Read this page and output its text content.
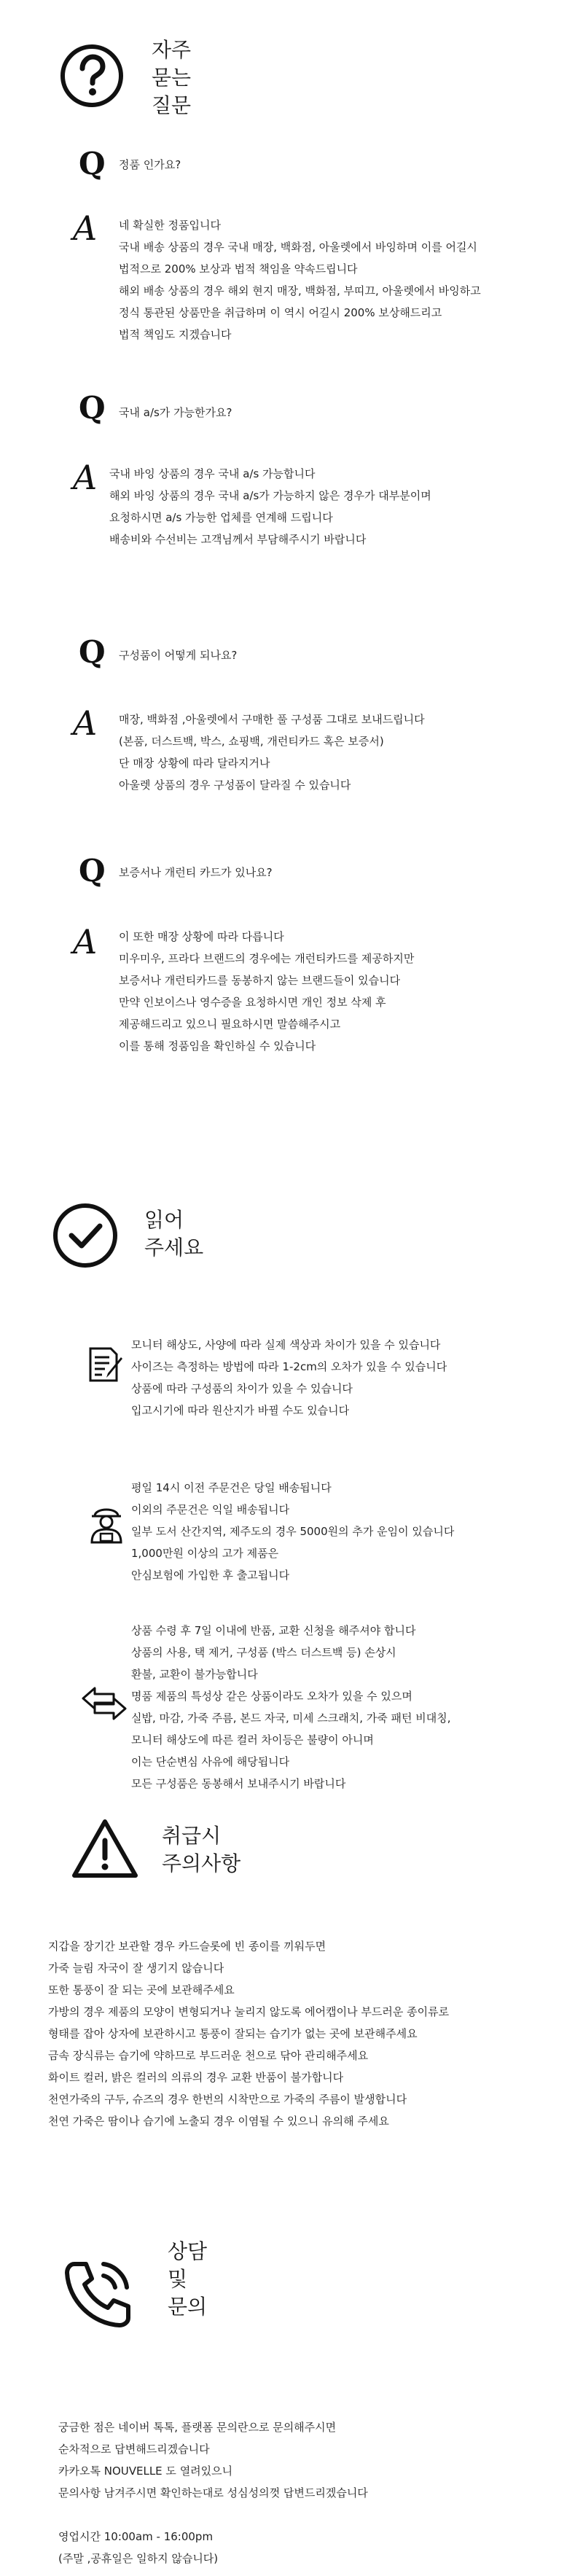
자주
묻는
질문
Q 정품 인가요?
A 네 확실한 정품입니다
국내 배송 상품의 경우 국내 매장, 백화점, 아울렛에서 바잉하며 이를 어길시
법적으로 200% 보상과 법적 책임을 약속드립니다
해외 배송 상품의 경우 해외 현지 매장, 백화점, 부띠끄, 아울렛에서 바잉하고
정식 통관된 상품만을 취급하며 이 역시 어길시 200% 보상해드리고
법적 책임도 지겠습니다
Q 국내 a/s가 가능한가요?
A 국내 바잉 상품의 경우 국내 a/s 가능합니다
해외 바잉 상품의 경우 국내 a/s가 가능하지 않은 경우가 대부분이며
요청하시면 a/s 가능한 업체를 연계해 드립니다
배송비와 수선비는 고객님께서 부담해주시기 바랍니다
Q 구성품이 어떻게 되나요?
A 매장, 백화점 ,아울렛에서 구매한 풀 구성품 그대로 보내드립니다
(본품, 더스트백, 박스, 쇼핑백, 개런티카드 혹은 보증서)
단 매장 상황에 따라 달라지거나
아울렛 상품의 경우 구성품이 달라질 수 있습니다
Q 보증서나 개런티 카드가 있나요?
A 이 또한 매장 상황에 따라 다릅니다
미우미우, 프라다 브랜드의 경우에는 개런티카드를 제공하지만
보증서나 개런티카드를 동봉하지 않는 브랜드들이 있습니다
만약 인보이스나 영수증을 요청하시면 개인 정보 삭제 후
제공해드리고 있으니 필요하시면 말씀해주시고
이를 통해 정품임을 확인하실 수 있습니다
읽어
주세요
모니터 해상도, 사양에 따라 실제 색상과 차이가 있을 수 있습니다
사이즈는 측정하는 방법에 따라 1-2cm의 오차가 있을 수 있습니다
상품에 따라 구성품의 차이가 있을 수 있습니다
입고시기에 따라 원산지가 바뀔 수도 있습니다
평일 14시 이전 주문건은 당일 배송됩니다
이외의 주문건은 익일 배송됩니다
일부 도서 산간지역, 제주도의 경우 5000원의 추가 운임이 있습니다
1,000만원 이상의 고가 제품은
안심보험에 가입한 후 출고됩니다
상품 수령 후 7일 이내에 반품, 교환 신청을 해주셔야 합니다
상품의 사용, 택 제거, 구성품 (박스 더스트백 등) 손상시
환불, 교환이 불가능합니다
명품 제품의 특성상 같은 상품이라도 오차가 있을 수 있으며
실밥, 마감, 가죽 주름, 본드 자국, 미세 스크래치, 가죽 패턴 비대칭,
모니터 해상도에 따른 컬러 차이등은 불량이 아니며
이는 단순변심 사유에 해당됩니다
모든 구성품은 동봉해서 보내주시기 바랍니다
취급시
주의사항
지갑을 장기간 보관할 경우 카드슬롯에 빈 종이를 끼워두면
가죽 늘림 자국이 잘 생기지 않습니다
또한 통풍이 잘 되는 곳에 보관해주세요
가방의 경우 제품의 모양이 변형되거나 눌리지 않도록 에어캡이나 부드러운 종이류로
형태를 잡아 상자에 보관하시고 통풍이 잘되는 습기가 없는 곳에 보관해주세요
금속 장식류는 습기에 약하므로 부드러운 천으로 닦아 관리해주세요
화이트 컬러, 밝은 컬러의 의류의 경우 교환 반품이 불가합니다
천연가죽의 구두, 슈즈의 경우 한번의 시착만으로 가죽의 주름이 발생합니다
천연 가죽은 땀이나 습기에 노출되 경우 이염될 수 있으니 유의해 주세요
상담
및
문의
궁금한 점은 네이버 톡톡, 플랫폼 문의란으로 문의해주시면
순차적으로 답변해드리겠습니다
카카오톡 NOUVELLE 도 열려있으니
문의사항 남겨주시면 확인하는대로 성심성의껏 답변드리겠습니다
영업시간 10:00am - 16:00pm
(주말 ,공휴일은 일하지 않습니다)
